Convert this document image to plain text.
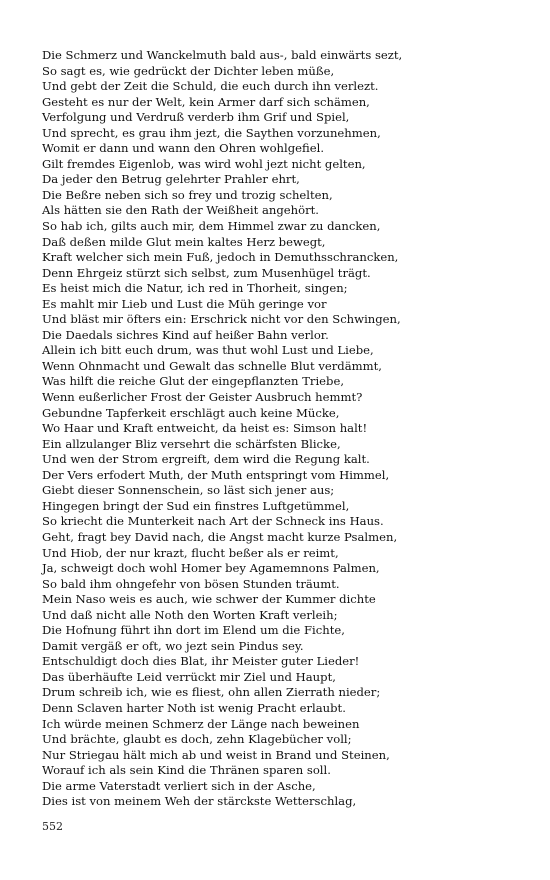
Die Schmerz und Wanckelmuth bald aus-, bald einwärts sezt,
So sagt es, wie gedrückt der Dichter leben müße,
Und gebt der Zeit die Schuld, die euch durch ihn verlezt.
Gesteht es nur der Welt, kein Armer darf sich schämen,
Verfolgung und Verdruß verderb ihm Grif und Spiel,
Und sprecht, es grau ihm jezt, die Saythen vorzunehmen,
Womit er dann und wann den Ohren wohlgefiel.
Gilt fremdes Eigenlob, was wird wohl jezt nicht gelten,
Da jeder den Betrug gelehrter Prahler ehrt,
Die Beßre neben sich so frey und trozig schelten,
Als hätten sie den Rath der Weißheit angehört.
So hab ich, gilts auch mir, dem Himmel zwar zu dancken,
Daß deßen milde Glut mein kaltes Herz bewegt,
Kraft welcher sich mein Fuß, jedoch in Demuthsschrancken,
Denn Ehrgeiz stürzt sich selbst, zum Musenhügel trägt.
Es heist mich die Natur, ich red in Thorheit, singen;
Es mahlt mir Lieb und Lust die Müh geringe vor
Und bläst mir öfters ein: Erschrick nicht vor den Schwingen,
Die Daedals sichres Kind auf heißer Bahn verlor.
Allein ich bitt euch drum, was thut wohl Lust und Liebe,
Wenn Ohnmacht und Gewalt das schnelle Blut verdämmt,
Was hilft die reiche Glut der eingepflanzten Triebe,
Wenn eußerlicher Frost der Geister Ausbruch hemmt?
Gebundne Tapferkeit erschlägt auch keine Mücke,
Wo Haar und Kraft entweicht, da heist es: Simson halt!
Ein allzulanger Bliz versehrt die schärfsten Blicke,
Und wen der Strom ergreift, dem wird die Regung kalt.
Der Vers erfodert Muth, der Muth entspringt vom Himmel,
Giebt dieser Sonnenschein, so läst sich jener aus;
Hingegen bringt der Sud ein finstres Luftgetümmel,
So kriecht die Munterkeit nach Art der Schneck ins Haus.
Geht, fragt bey David nach, die Angst macht kurze Psalmen,
Und Hiob, der nur krazt, flucht beßer als er reimt,
Ja, schweigt doch wohl Homer bey Agamemnons Palmen,
So bald ihm ohngefehr von bösen Stunden träumt.
Mein Naso weis es auch, wie schwer der Kummer dichte
Und daß nicht alle Noth den Worten Kraft verleih;
Die Hofnung führt ihn dort im Elend um die Fichte,
Damit vergäß er oft, wo jezt sein Pindus sey.
Entschuldigt doch dies Blat, ihr Meister guter Lieder!
Das überhäufte Leid verrückt mir Ziel und Haupt,
Drum schreib ich, wie es fliest, ohn allen Zierrath nieder;
Denn Sclaven harter Noth ist wenig Pracht erlaubt.
Ich würde meinen Schmerz der Länge nach beweinen
Und brächte, glaubt es doch, zehn Klagebücher voll;
Nur Striegau hält mich ab und weist in Brand und Steinen,
Worauf ich als sein Kind die Thränen sparen soll.
Die arme Vaterstadt verliert sich in der Asche,
Dies ist von meinem Weh der stärckste Wetterschlag,
552
